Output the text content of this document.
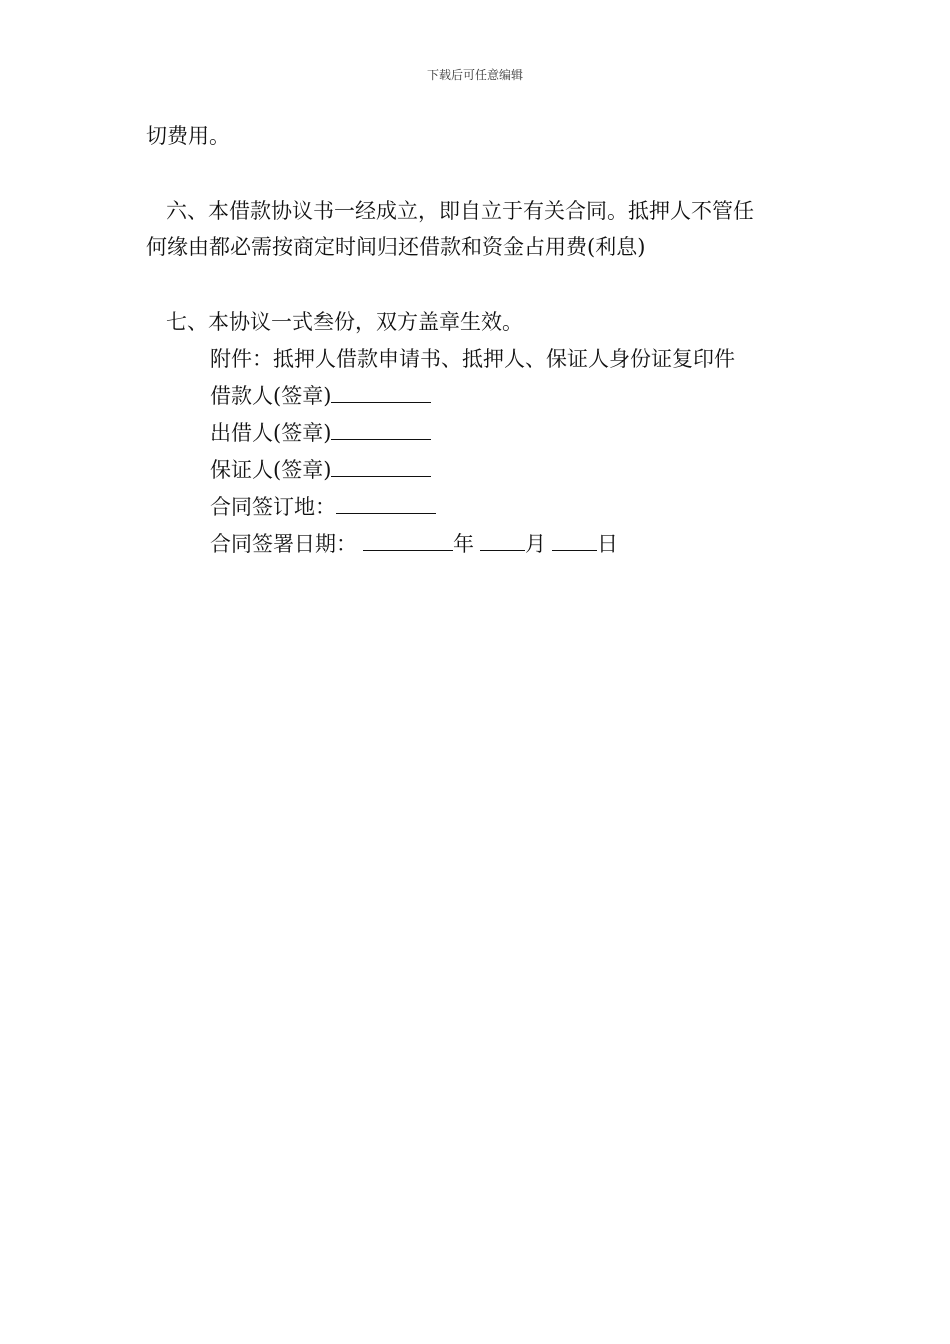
下载后可任意编辑
切费用。
六、本借款协议书一经成立，即自立于有关合同。抵押人不管任
何缘由都必需按商定时间归还借款和资金占用费(利息)
七、本协议一式叁份，双方盖章生效。
附件：抵押人借款申请书、抵押人、保证人身份证复印件
借款人(签章)
出借人(签章)
保证人(签章)
合同签订地：
合同签署日期：	年 月 日
